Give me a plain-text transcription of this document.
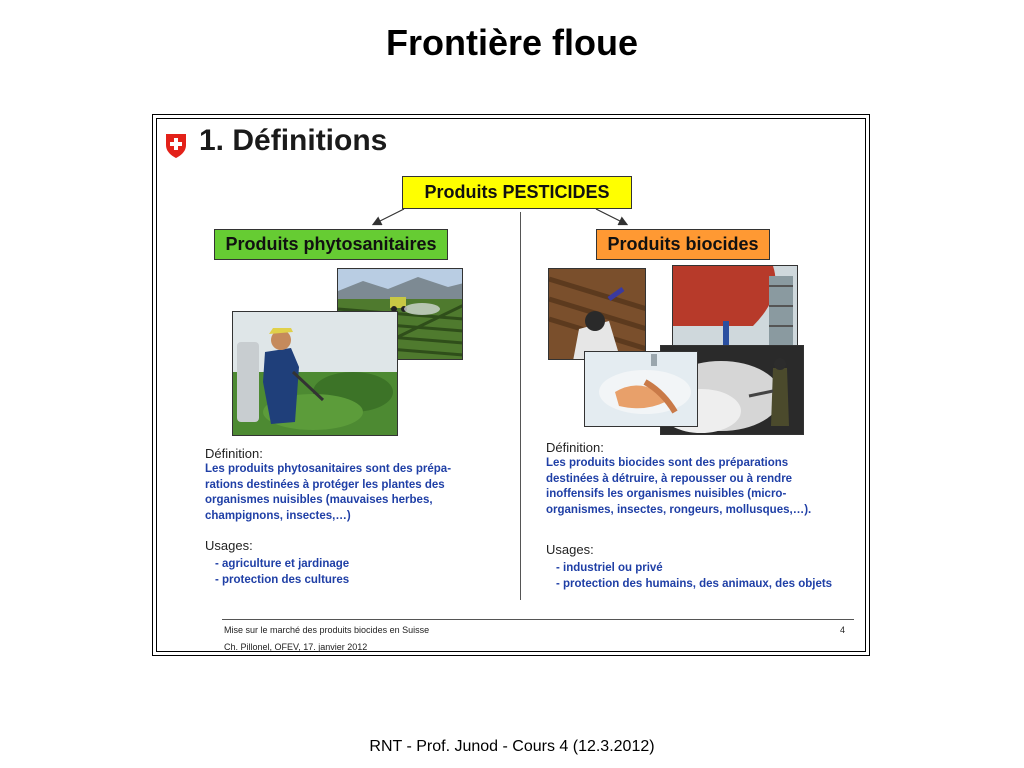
Frontière floue
1. Définitions
Produits PESTICIDES
Produits phytosanitaires	Produits biocides
Définition:
Les produits phytosanitaires sont des prépa-
rations destinées à protéger les plantes des
organismes nuisibles (mauvaises herbes,
champignons, insectes,…)
Usages:
- agriculture et jardinage
- protection des cultures
Définition:
Les produits biocides sont des préparations
destinées à détruire, à repousser ou à rendre
inoffensifs les organismes nuisibles (micro-
organismes, insectes, rongeurs, mollusques,…).
Usages:
- industriel ou privé
- protection des humains, des animaux, des objets
Mise sur le marché des produits biocides en Suisse
Ch. Pillonel, OFEV, 17. janvier 2012
4
RNT - Prof. Junod - Cours 4 (12.3.2012)
